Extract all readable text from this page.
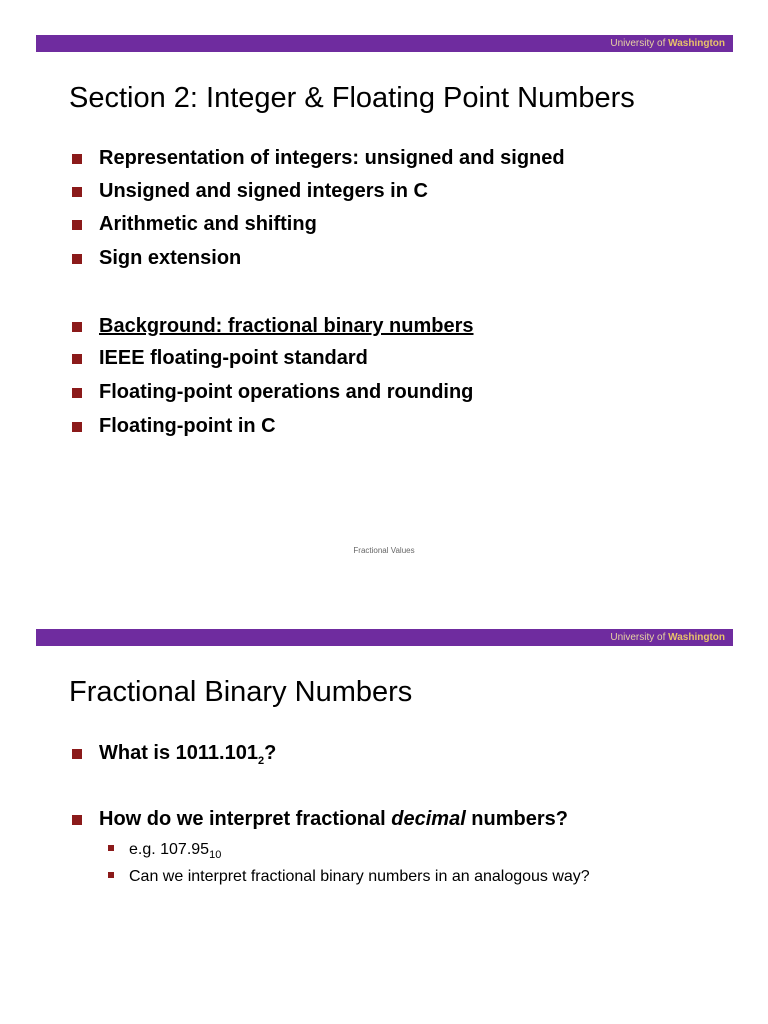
University of Washington
Section 2: Integer & Floating Point Numbers
Representation of integers: unsigned and signed
Unsigned and signed integers in C
Arithmetic and shifting
Sign extension
Background: fractional binary numbers
IEEE floating-point standard
Floating-point operations and rounding
Floating-point in C
Fractional Values
University of Washington
Fractional Binary Numbers
What is $1011.101_2$?
How do we interpret fractional decimal numbers?
e.g. $107.95_{10}$
Can we interpret fractional binary numbers in an analogous way?
